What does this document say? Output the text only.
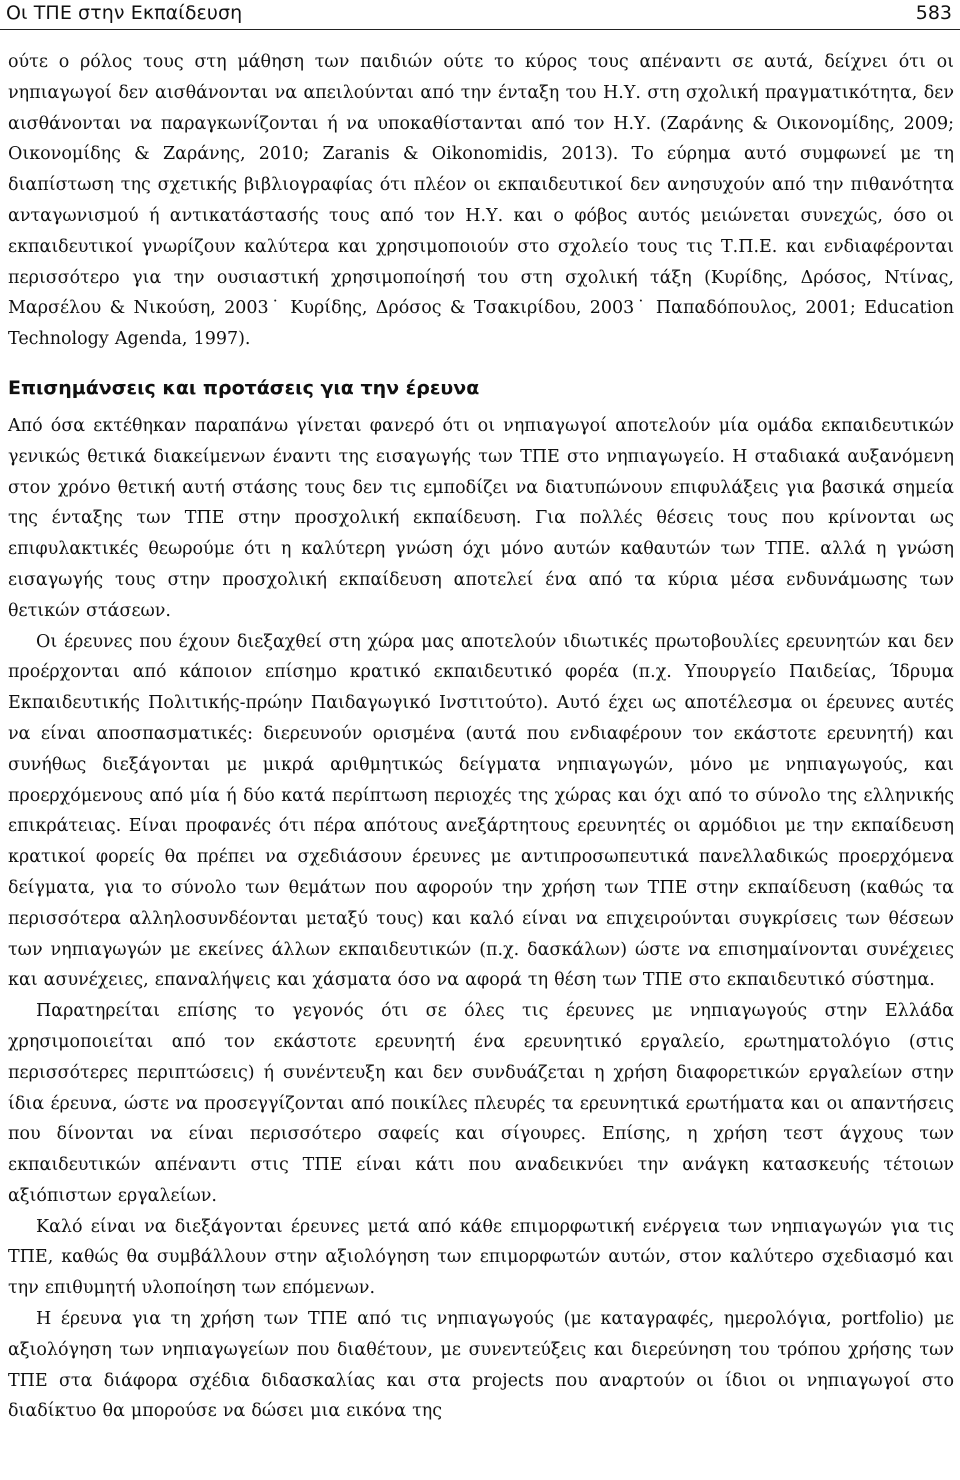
Οι ΤΠΕ στην Εκπαίδευση	583

ούτε ο ρόλος τους στη μάθηση των παιδιών ούτε το κύρος τους απέναντι σε αυτά, δείχνει ότι οι νηπιαγωγοί δεν αισθάνονται να απειλούνται από την ένταξη του Η.Υ. στη σχολική πραγματικότητα, δεν αισθάνονται να παραγκωνίζονται ή να υποκαθίστανται από τον Η.Υ. (Ζαράνης & Οικονομίδης, 2009; Οικονομίδης & Ζαράνης, 2010; Zaranis & Oikonomidis, 2013). Το εύρημα αυτό συμφωνεί με τη διαπίστωση της σχετικής βιβλιογραφίας ότι πλέον οι εκπαιδευτικοί δεν ανησυχούν από την πιθανότητα ανταγωνισμού ή αντικατάστασής τους από τον Η.Υ. και ο φόβος αυτός μειώνεται συνεχώς, όσο οι εκπαιδευτικοί γνωρίζουν καλύτερα και χρησιμοποιούν στο σχολείο τους τις Τ.Π.Ε. και ενδιαφέρονται περισσότερο για την ουσιαστική χρησιμοποίησή του στη σχολική τάξη (Κυρίδης, Δρόσος, Ντίνας, Μαρσέλου & Νικούση, 2003˙ Κυρίδης, Δρόσος & Τσακιρίδου, 2003˙ Παπαδόπουλος, 2001; Education Technology Agenda, 1997).

Επισημάνσεις και προτάσεις για την έρευνα

Από όσα εκτέθηκαν παραπάνω γίνεται φανερό ότι οι νηπιαγωγοί αποτελούν μία ομάδα εκπαιδευτικών γενικώς θετικά διακείμενων έναντι της εισαγωγής των ΤΠΕ στο νηπιαγωγείο. Η σταδιακά αυξανόμενη στον χρόνο θετική αυτή στάσης τους δεν τις εμποδίζει να διατυπώνουν επιφυλάξεις για βασικά σημεία της ένταξης των ΤΠΕ στην προσχολική εκπαίδευση. Για πολλές θέσεις τους που κρίνονται ως επιφυλακτικές θεωρούμε ότι η καλύτερη γνώση όχι μόνο αυτών καθαυτών των ΤΠΕ. αλλά η γνώση εισαγωγής τους στην προσχολική εκπαίδευση αποτελεί ένα από τα κύρια μέσα ενδυνάμωσης των θετικών στάσεων.

Οι έρευνες που έχουν διεξαχθεί στη χώρα μας αποτελούν ιδιωτικές πρωτοβουλίες ερευνητών και δεν προέρχονται από κάποιον επίσημο κρατικό εκπαιδευτικό φορέα (π.χ. Υπουργείο Παιδείας, Ίδρυμα Εκπαιδευτικής Πολιτικής-πρώην Παιδαγωγικό Ινστιτούτο). Αυτό έχει ως αποτέλεσμα οι έρευνες αυτές να είναι αποσπασματικές: διερευνούν ορισμένα (αυτά που ενδιαφέρουν τον εκάστοτε ερευνητή) και συνήθως διεξάγονται με μικρά αριθμητικώς δείγματα νηπιαγωγών, μόνο με νηπιαγωγούς, και προερχόμενους από μία ή δύο κατά περίπτωση περιοχές της χώρας και όχι από το σύνολο της ελληνικής επικράτειας. Είναι προφανές ότι πέρα απότους ανεξάρτητους ερευνητές οι αρμόδιοι με την εκπαίδευση κρατικοί φορείς θα πρέπει να σχεδιάσουν έρευνες με αντιπροσωπευτικά πανελλαδικώς προερχόμενα δείγματα, για το σύνολο των θεμάτων που αφορούν την χρήση των ΤΠΕ στην εκπαίδευση (καθώς τα περισσότερα αλληλοσυνδέονται μεταξύ τους) και καλό είναι να επιχειρούνται συγκρίσεις των θέσεων των νηπιαγωγών με εκείνες άλλων εκπαιδευτικών (π.χ. δασκάλων) ώστε να επισημαίνονται συνέχειες και ασυνέχειες, επαναλήψεις και χάσματα όσο να αφορά τη θέση των ΤΠΕ στο εκπαιδευτικό σύστημα.

Παρατηρείται επίσης το γεγονός ότι σε όλες τις έρευνες με νηπιαγωγούς στην Ελλάδα χρησιμοποιείται από τον εκάστοτε ερευνητή ένα ερευνητικό εργαλείο, ερωτηματολόγιο (στις περισσότερες περιπτώσεις) ή συνέντευξη και δεν συνδυάζεται η χρήση διαφορετικών εργαλείων στην ίδια έρευνα, ώστε να προσεγγίζονται από ποικίλες πλευρές τα ερευνητικά ερωτήματα και οι απαντήσεις που δίνονται να είναι περισσότερο σαφείς και σίγουρες. Επίσης, η χρήση τεστ άγχους των εκπαιδευτικών απέναντι στις ΤΠΕ είναι κάτι που αναδεικνύει την ανάγκη κατασκευής τέτοιων αξιόπιστων εργαλείων.

Καλό είναι να διεξάγονται έρευνες μετά από κάθε επιμορφωτική ενέργεια των νηπιαγωγών για τις ΤΠΕ, καθώς θα συμβάλλουν στην αξιολόγηση των επιμορφωτών αυτών, στον καλύτερο σχεδιασμό και την επιθυμητή υλοποίηση των επόμενων.

Η έρευνα για τη χρήση των ΤΠΕ από τις νηπιαγωγούς (με καταγραφές, ημερολόγια, portfolio) με αξιολόγηση των νηπιαγωγείων που διαθέτουν, με συνεντεύξεις και διερεύνηση του τρόπου χρήσης των ΤΠΕ στα διάφορα σχέδια διδασκαλίας και στα projects που αναρτούν οι ίδιοι οι νηπιαγωγοί στο διαδίκτυο θα μπορούσε να δώσει μια εικόνα της
